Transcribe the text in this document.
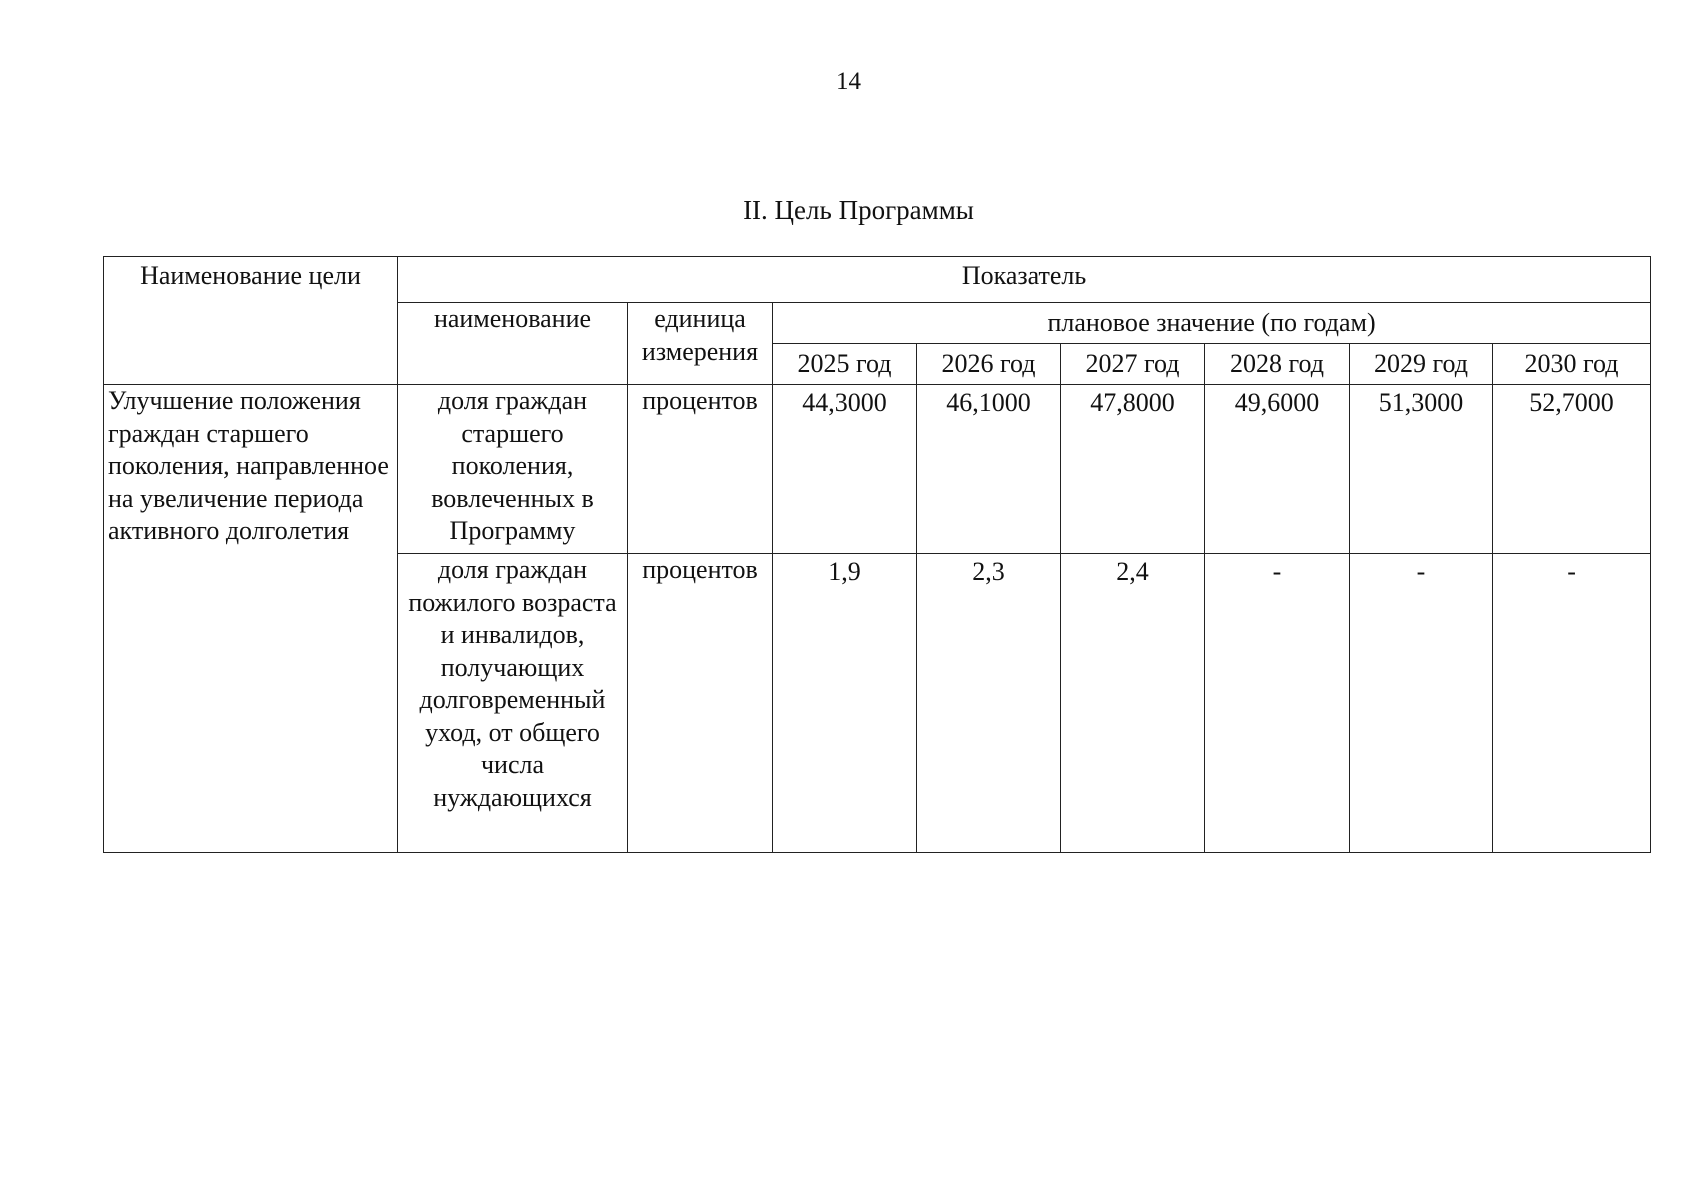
14
II. Цель Программы
Наименование цели	Показатель							
	наименование	единица измерения	плановое значение (по годам)					
			2025 год	2026 год	2027 год	2028 год	2029 год	2030 год
Улучшение положения граждан старшего поколения, направленное на увеличение периода активного долголетия	доля граждан старшего поколения, вовлеченных в Программу	процентов	44,3000	46,1000	47,8000	49,6000	51,3000	52,7000
	доля граждан пожилого возраста и инвалидов, получающих долговременный уход, от общего числа нуждающихся	процентов	1,9	2,3	2,4	-	-	-
